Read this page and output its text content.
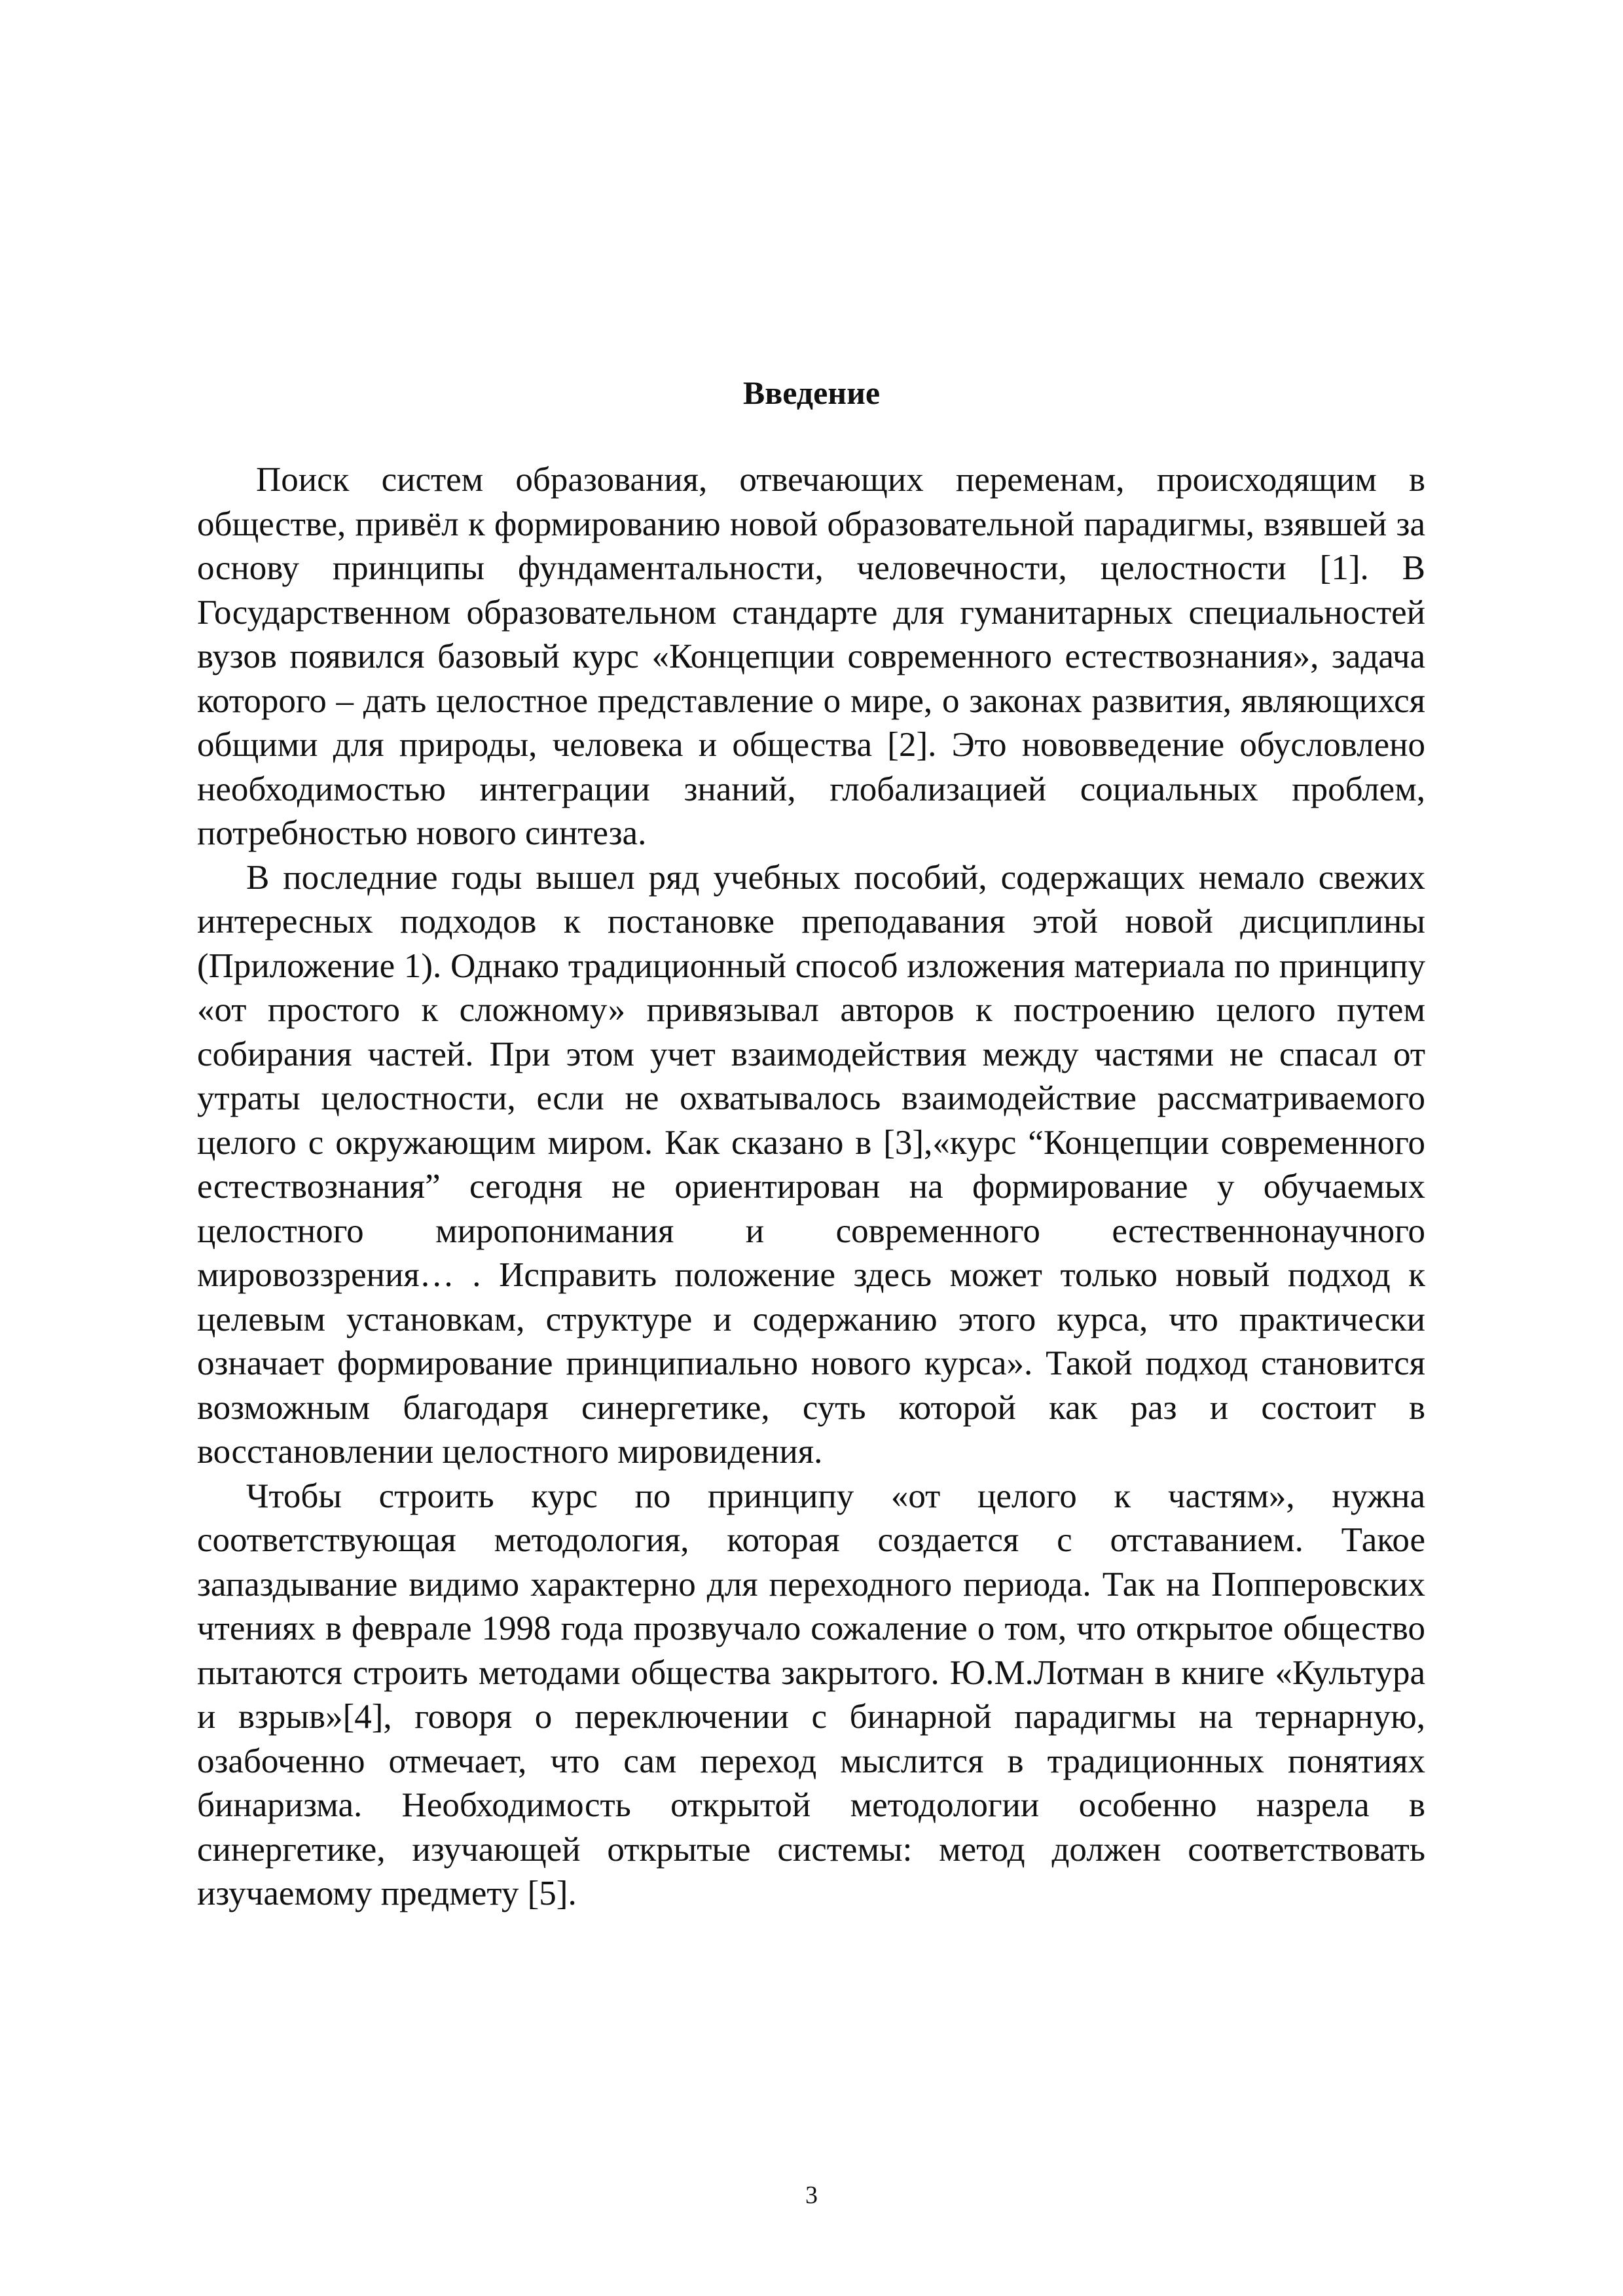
Введение

Поиск систем образования, отвечающих переменам, происходящим в обществе, привёл к формированию новой образовательной парадигмы, взявшей за основу принципы фундаментальности, человечности, целостности [1]. В Государственном образовательном стандарте для гуманитарных специальностей вузов появился базовый курс «Концепции современного естествознания», задача которого – дать целостное представление о мире, о законах развития, являющихся общими для природы, человека и общества [2]. Это нововведение обусловлено необходимостью интеграции знаний, глобализацией социальных проблем, потребностью нового синтеза.

В последние годы вышел ряд учебных пособий, содержащих немало свежих интересных подходов к постановке преподавания этой новой дисциплины (Приложение 1). Однако традиционный способ изложения материала по принципу «от простого к сложному» привязывал авторов к построению целого путем собирания частей. При этом учет взаимодействия между частями не спасал от утраты целостности, если не охватывалось взаимодействие рассматриваемого целого с окружающим миром. Как сказано в [3],«курс “Концепции современного естествознания” сегодня не ориентирован на формирование у обучаемых целостного миропонимания и современного естественнонаучного мировоззрения… . Исправить положение здесь может только новый подход к целевым установкам, структуре и содержанию этого курса, что практически означает формирование принципиально нового курса». Такой подход становится возможным благодаря синергетике, суть которой как раз и состоит в восстановлении целостного мировидения.

Чтобы строить курс по принципу «от целого к частям», нужна соответствующая методология, которая создается с отставанием. Такое запаздывание видимо характерно для переходного периода. Так на Попперовских чтениях в феврале 1998 года прозвучало сожаление о том, что открытое общество пытаются строить методами общества закрытого. Ю.М.Лотман в книге «Культура и взрыв»[4], говоря о переключении с бинарной парадигмы на тернарную, озабоченно отмечает, что сам переход мыслится в традиционных понятиях бинаризма. Необходимость открытой методологии особенно назрела в синергетике, изучающей открытые системы: метод должен соответствовать изучаемому предмету [5].

3
